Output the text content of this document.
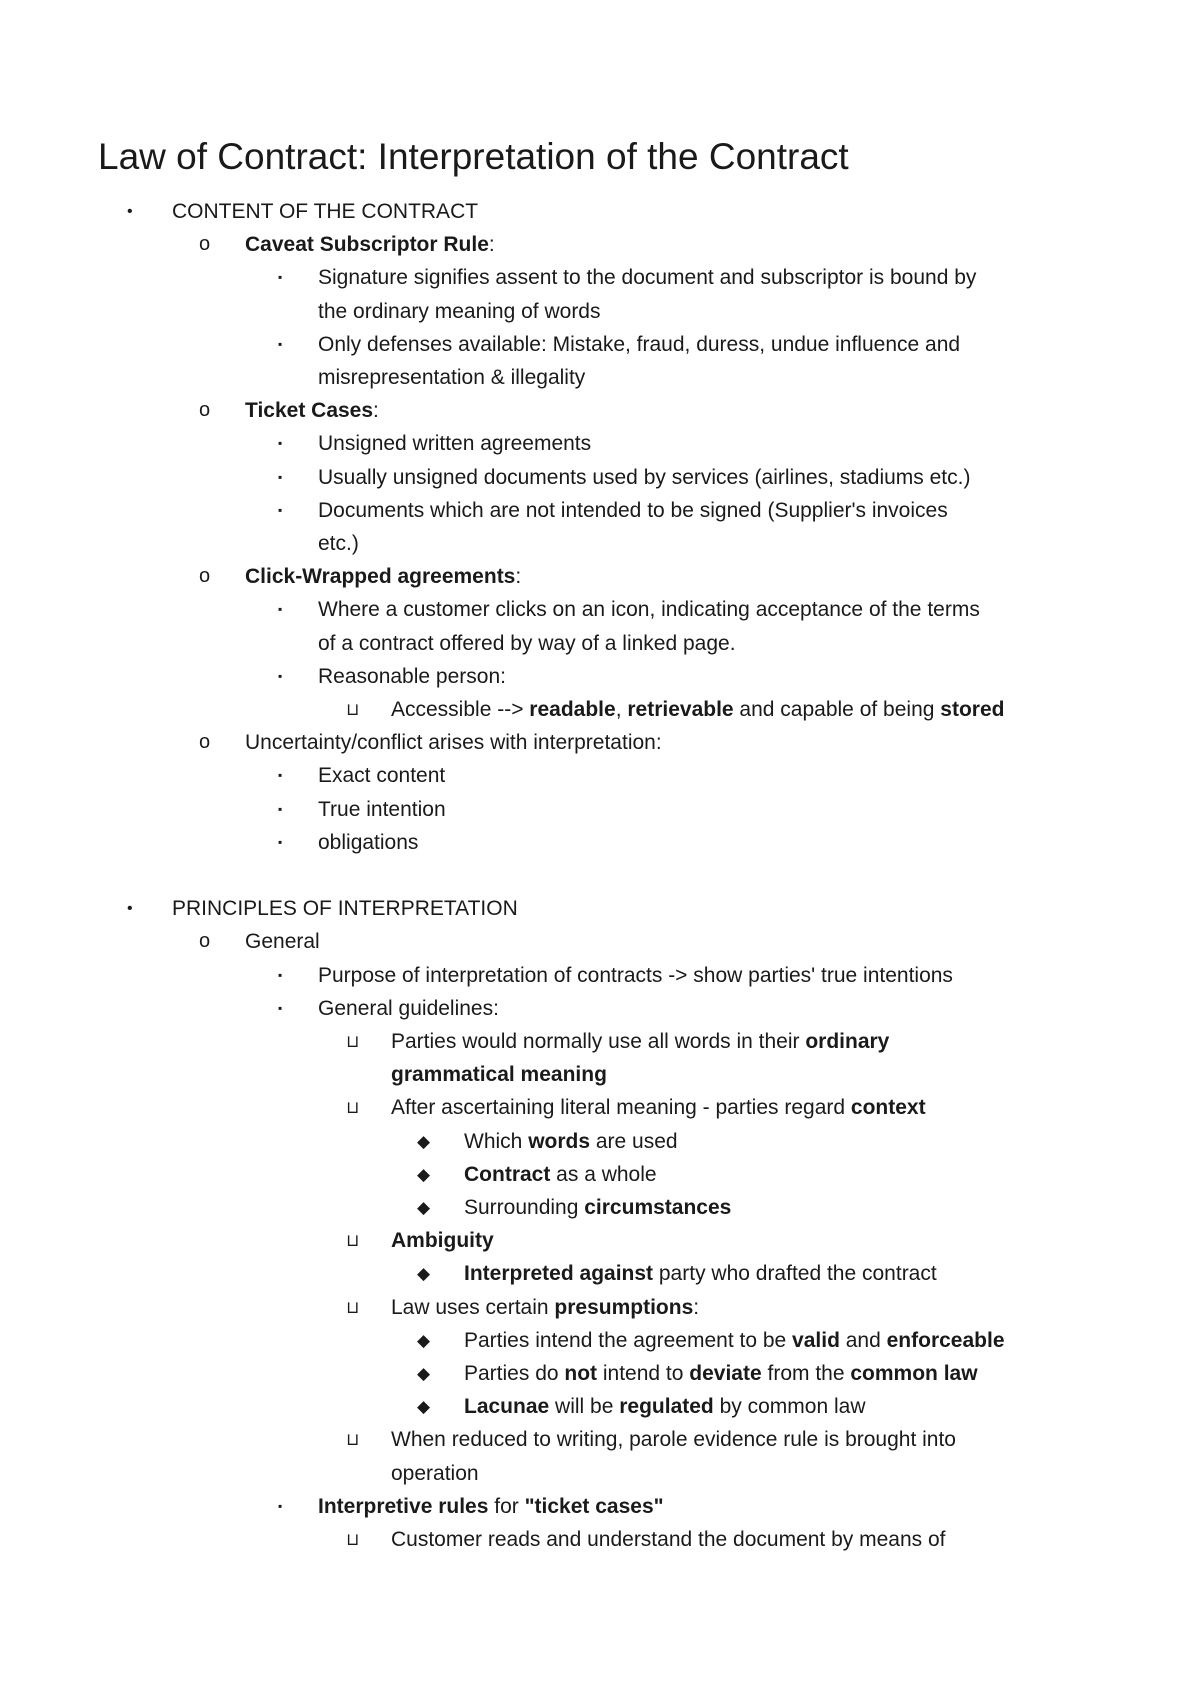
Law of Contract: Interpretation of the Contract
• CONTENT OF THE CONTRACT
o Caveat Subscriptor Rule:
▪ Signature signifies assent to the document and subscriptor is bound by
the ordinary meaning of words
▪ Only defenses available: Mistake, fraud, duress, undue influence and
misrepresentation & illegality
o Ticket Cases:
▪ Unsigned written agreements
▪ Usually unsigned documents used by services (airlines, stadiums etc.)
▪ Documents which are not intended to be signed (Supplier's invoices
etc.)
o Click-Wrapped agreements:
▪ Where a customer clicks on an icon, indicating acceptance of the terms
of a contract offered by way of a linked page.
▪ Reasonable person:
⊔ Accessible --> readable, retrievable and capable of being stored
o Uncertainty/conflict arises with interpretation:
▪ Exact content
▪ True intention
▪ obligations
• PRINCIPLES OF INTERPRETATION
o General
▪ Purpose of interpretation of contracts -> show parties' true intentions
▪ General guidelines:
⊔ Parties would normally use all words in their ordinary
grammatical meaning
⊔ After ascertaining literal meaning - parties regard context
◆ Which words are used
◆ Contract as a whole
◆ Surrounding circumstances
⊔ Ambiguity
◆ Interpreted against party who drafted the contract
⊔ Law uses certain presumptions:
◆ Parties intend the agreement to be valid and enforceable
◆ Parties do not intend to deviate from the common law
◆ Lacunae will be regulated by common law
⊔ When reduced to writing, parole evidence rule is brought into
operation
▪ Interpretive rules for "ticket cases"
⊔ Customer reads and understand the document by means of
